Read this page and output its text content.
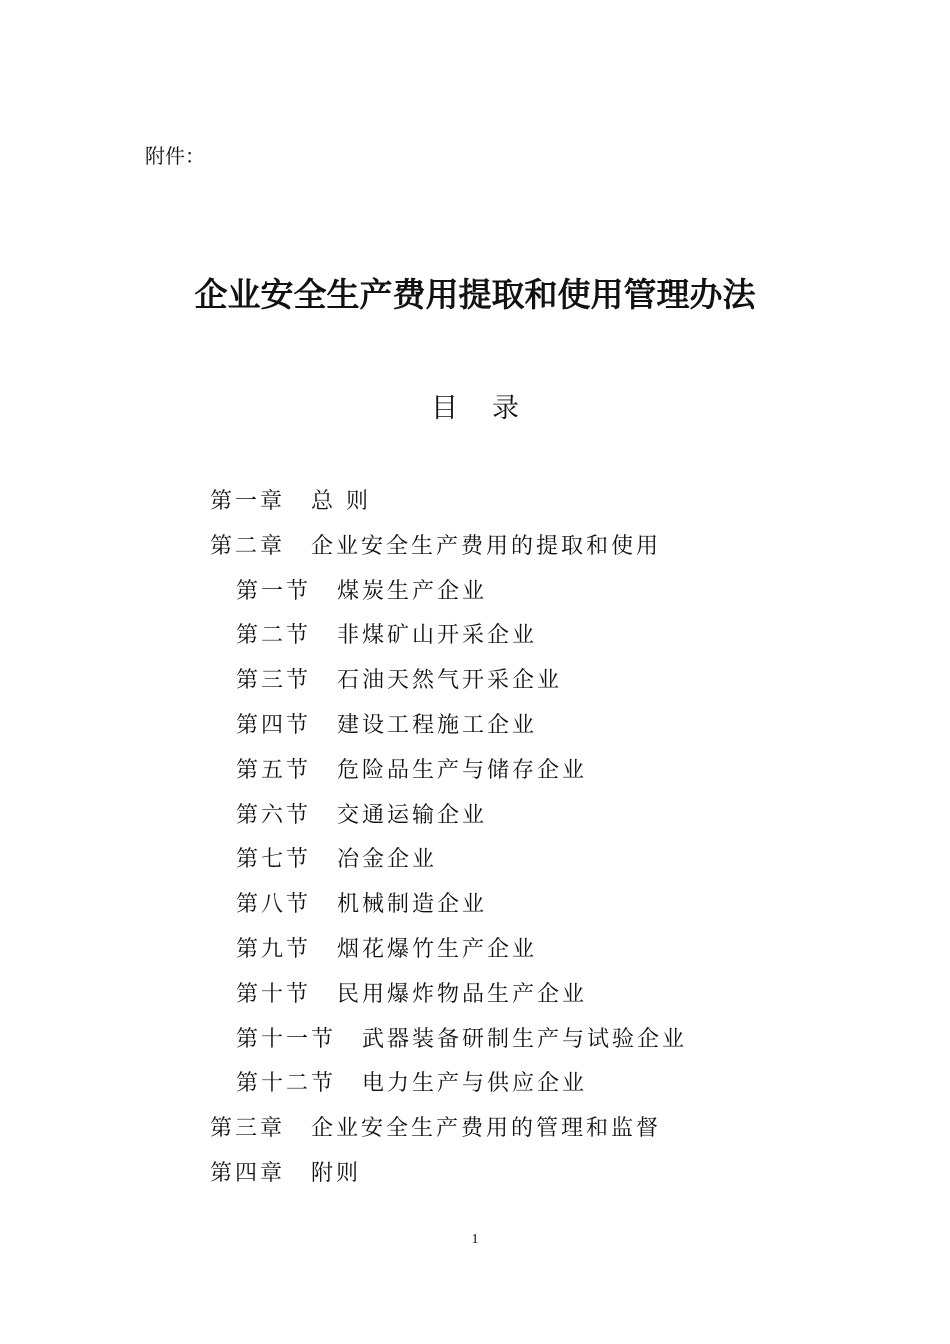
附件：
企业安全生产费用提取和使用管理办法
目 录
第一章 总 则
第二章 企业安全生产费用的提取和使用
第一节 煤炭生产企业
第二节 非煤矿山开采企业
第三节 石油天然气开采企业
第四节 建设工程施工企业
第五节 危险品生产与储存企业
第六节 交通运输企业
第七节 冶金企业
第八节 机械制造企业
第九节 烟花爆竹生产企业
第十节 民用爆炸物品生产企业
第十一节 武器装备研制生产与试验企业
第十二节 电力生产与供应企业
第三章 企业安全生产费用的管理和监督
第四章 附则
1
